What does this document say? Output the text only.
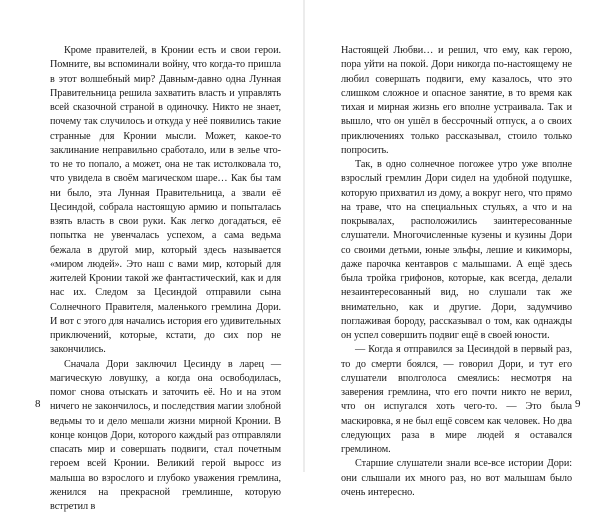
Кроме правителей, в Кронии есть и свои герои. Помните, вы вспоминали войну, что когда-то пришла в этот волшебный мир? Давным-давно одна Лунная Правительница решила захватить власть и управлять всей сказочной страной в одиночку. Никто не знает, почему так случилось и откуда у неё появились такие странные для Кронии мысли. Может, какое-то заклинание неправильно сработало, или в зелье что-то не то попало, а может, она не так истолковала то, что увидела в своём магическом шаре… Как бы там ни было, эта Лунная Правительница, а звали её Цесиндой, собрала настоящую армию и попыталась взять власть в свои руки. Как легко догадаться, её попытка не увенчалась успехом, а сама ведьма бежала в другой мир, который здесь называется «миром людей». Это наш с вами мир, который для жителей Кронии такой же фантастический, как и для нас их. Следом за Цесиндой отправили сына Солнечного Правителя, маленького гремлина Дори. И вот с этого для начались история его удивительных приключений, которые, кстати, до сих пор не закончились.

Сначала Дори заключил Цесинду в ларец — магическую ловушку, а когда она освободилась, помог снова отыскать и заточить её. Но и на этом ничего не закончилось, и последствия магии злобной ведьмы то и дело мешали жизни мирной Кронии. В конце концов Дори, которого каждый раз отправляли спасать мир и совершать подвиги, стал почетным героем всей Кронии. Великий герой выросс из малыша во взрослого и глубоко уважения гремлина, женился на прекрасной гремлинше, которую встретил в

Настоящей Любви… и решил, что ему, как герою, пора уйти на покой. Дори никогда по-настоящему не любил совершать подвиги, ему казалось, что это слишком сложное и опасное занятие, в то время как тихая и мирная жизнь его вполне устраивала. Так и вышло, что он ушёл в бессрочный отпуск, а о своих приключениях только рассказывал, стоило только попросить.

Так, в одно солнечное погожее утро уже вполне взрослый гремлин Дори сидел на удобной подушке, которую прихватил из дому, а вокруг него, что прямо на траве, что на специальных стульях, а что и на покрывалах, расположились заинтересованные слушатели. Многочисленные кузены и кузины Дори со своими детьми, юные эльфы, лешие и кикиморы, даже парочка кентавров с малышами. А ещё здесь была тройка грифонов, которые, как всегда, делали незаинтересованный вид, но слушали так же внимательно, как и другие. Дори, задумчиво поглаживая бороду, рассказывал о том, как однажды он успел совершить подвиг ещё в своей юности.

— Когда я отправился за Цесиндой в первый раз, то до смерти боялся, — говорил Дори, и тут его слушатели вполголоса смеялись: несмотря на заверения гремлина, что его почти никто не верил, что он испугался хоть чего-то. — Это была маскировка, я не был ещё совсем как человек. Но два следующих раза в мире людей я оставался гремлином.

Старшие слушатели знали все-все истории Дори: они слышали их много раз, но вот малышам было очень интересно.

8	9
